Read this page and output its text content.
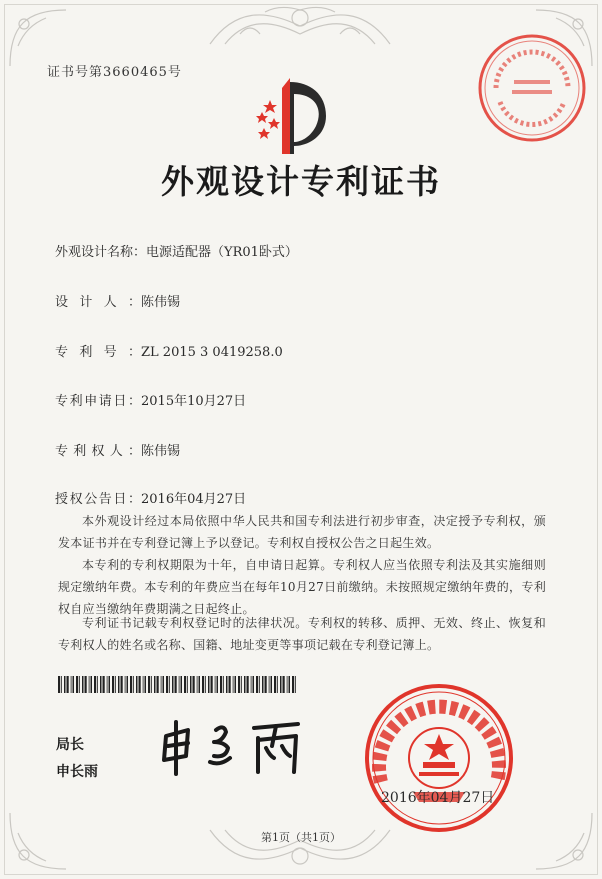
证书号第3660465号
外观设计专利证书
外观设计名称：电源适配器（YR01卧式）
设计人：陈伟锡
专利号：ZL 2015 3 0419258.0
专利申请日：2015年10月27日
专利权人：陈伟锡
授权公告日：2016年04月27日

本外观设计经过本局依照中华人民共和国专利法进行初步审查，决定授予专利权，颁发本证书并在专利登记簿上予以登记。专利权自授权公告之日起生效。

本专利的专利权期限为十年，自申请日起算。专利权人应当依照专利法及其实施细则规定缴纳年费。本专利的年费应当在每年10月27日前缴纳。未按照规定缴纳年费的，专利权自应当缴纳年费期满之日起终止。

专利证书记载专利权登记时的法律状况。专利权的转移、质押、无效、终止、恢复和专利权人的姓名或名称、国籍、地址变更等事项记载在专利登记簿上。

局长
申长雨
2016年04月27日
第1页（共1页）
